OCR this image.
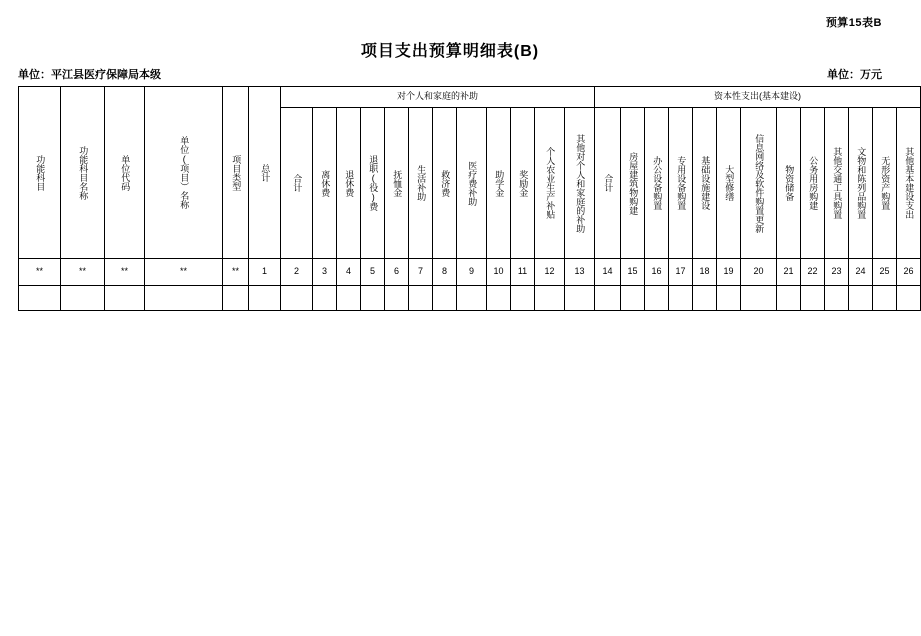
预算15表B
项目支出预算明细表(B)
单位：平江县医疗保障局本级	单位：万元
功能科目	功能科目名称	单位代码	单位(项目）名称	项目类型	总计	对个人和家庭的补助												资本性支出(基本建设)												

						合计	离休费	退休费	退职(役)费	抚恤金	生活补助	救济费	医疗费补助	助学金	奖励金	个人农业生产补贴	其他对个人和家庭的补助	合计	房屋建筑物购建	办公设备购置	专用设备购置	基础设施建设	大型修缮	信息网络及软件购置更新	物资储备	公务用房购建	其他交通工具购置	文物和陈列品购置	无形资产购置	其他基本建设支出

**	**	**	**	**	1	2	3	4	5	6	7	8	9	10	11	12	13	14	15	16	17	18	19	20	21	22	23	24	25	26
